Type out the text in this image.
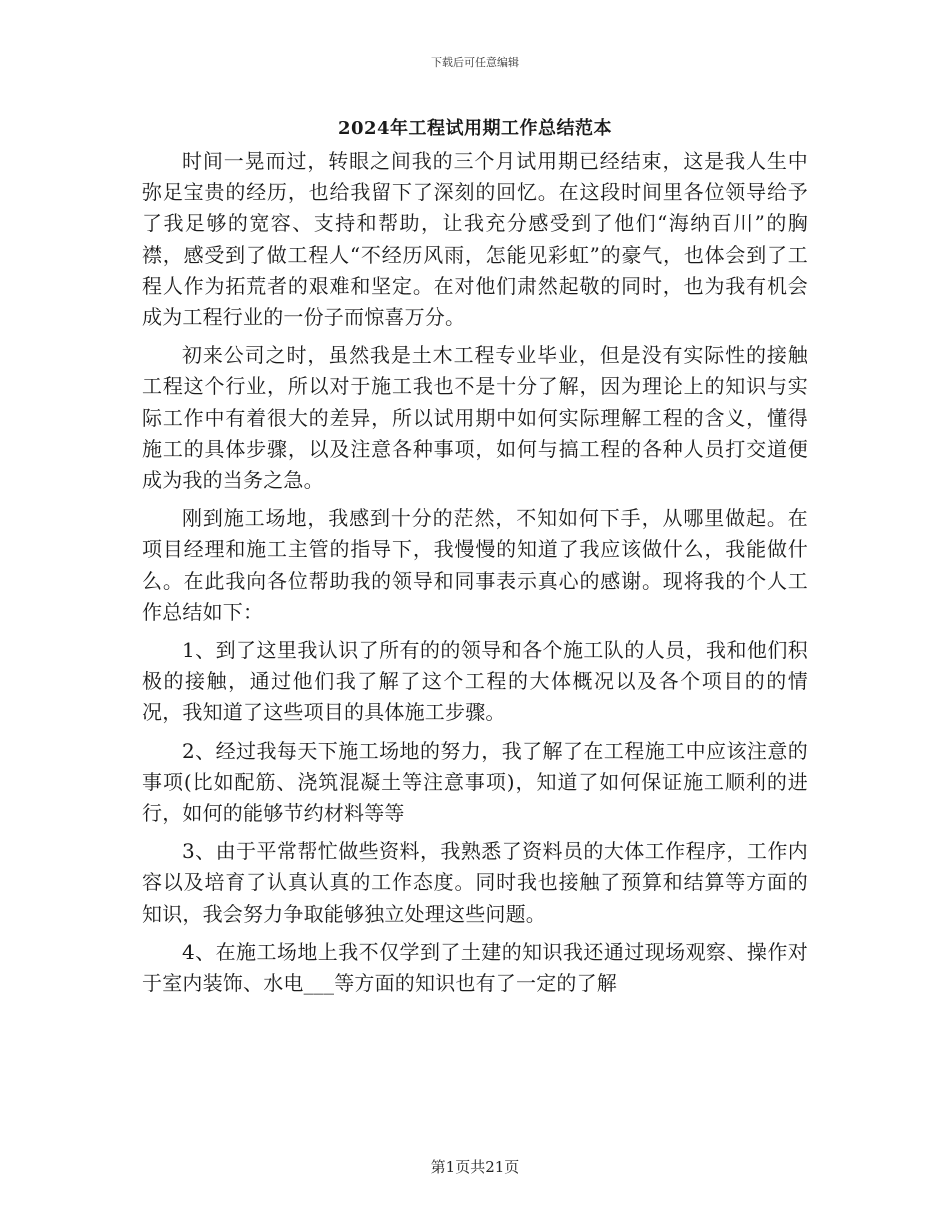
下载后可任意编辑
2024年工程试用期工作总结范本

时间一晃而过，转眼之间我的三个月试用期已经结束，这是我人生中弥足宝贵的经历，也给我留下了深刻的回忆。在这段时间里各位领导给予了我足够的宽容、支持和帮助，让我充分感受到了他们“海纳百川”的胸襟，感受到了做工程人“不经历风雨，怎能见彩虹”的豪气，也体会到了工程人作为拓荒者的艰难和坚定。在对他们肃然起敬的同时，也为我有机会成为工程行业的一份子而惊喜万分。

初来公司之时，虽然我是土木工程专业毕业，但是没有实际性的接触工程这个行业，所以对于施工我也不是十分了解，因为理论上的知识与实际工作中有着很大的差异，所以试用期中如何实际理解工程的含义，懂得施工的具体步骤，以及注意各种事项，如何与搞工程的各种人员打交道便成为我的当务之急。

刚到施工场地，我感到十分的茫然，不知如何下手，从哪里做起。在项目经理和施工主管的指导下，我慢慢的知道了我应该做什么，我能做什么。在此我向各位帮助我的领导和同事表示真心的感谢。现将我的个人工作总结如下：

1、到了这里我认识了所有的的领导和各个施工队的人员，我和他们积极的接触，通过他们我了解了这个工程的大体概况以及各个项目的的情况，我知道了这些项目的具体施工步骤。

2、经过我每天下施工场地的努力，我了解了在工程施工中应该注意的事项(比如配筋、浇筑混凝土等注意事项)，知道了如何保证施工顺利的进行，如何的能够节约材料等等

3、由于平常帮忙做些资料，我熟悉了资料员的大体工作程序，工作内容以及培育了认真认真的工作态度。同时我也接触了预算和结算等方面的知识，我会努力争取能够独立处理这些问题。

4、在施工场地上我不仅学到了土建的知识我还通过现场观察、操作对于室内装饰、水电___等方面的知识也有了一定的了解

第1页共21页
